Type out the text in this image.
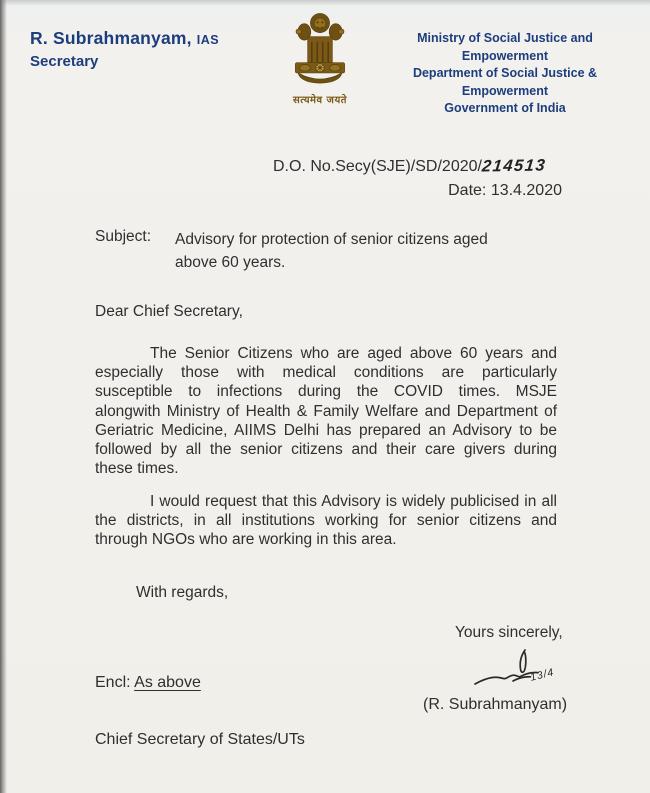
R. Subrahmanyam, IAS
Secretary
सत्यमेव जयते
Ministry of Social Justice and Empowerment
Department of Social Justice & Empowerment
Government of India
D.O. No.Secy(SJE)/SD/2020/214513
Date: 13.4.2020
Subject: Advisory for protection of senior citizens aged
above 60 years.
Dear Chief Secretary,
The Senior Citizens who are aged above 60 years and
especially those with medical conditions are particularly
susceptible to infections during the COVID times. MSJE
alongwith Ministry of Health & Family Welfare and Department of
Geriatric Medicine, AIIMS Delhi has prepared an Advisory to be
followed by all the senior citizens and their care givers during
these times.
I would request that this Advisory is widely publicised in all
the districts, in all institutions working for senior citizens and
through NGOs who are working in this area.
With regards,
Yours sincerely,
13/4
(R. Subrahmanyam)
Encl: As above
Chief Secretary of States/UTs
